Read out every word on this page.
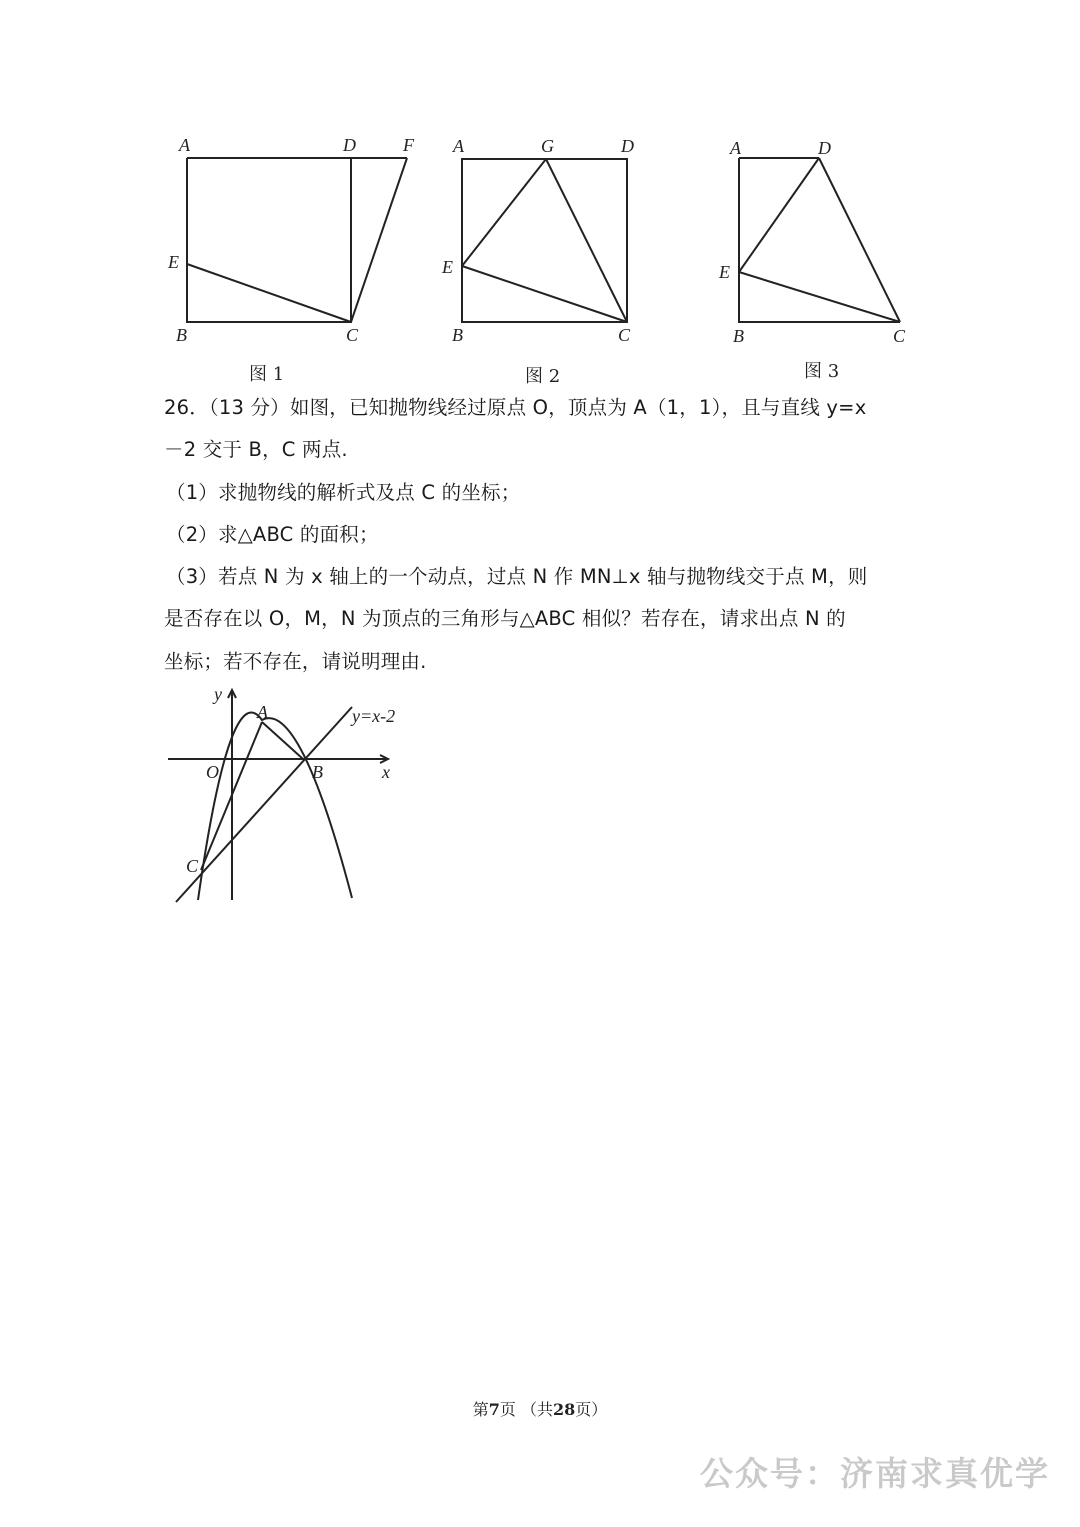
A	D	F
E
B	C
图 1
A	G	D
E
B	C
图 2
A	D
E
B	C
图 3
26．（13 分）如图，已知抛物线经过原点 O，顶点为 A（1，1），且与直线 y=x
－2 交于 B，C 两点.
（1）求抛物线的解析式及点 C 的坐标；
（2）求△ABC 的面积；
（3）若点 N 为 x 轴上的一个动点，过点 N 作 MN⊥x 轴与抛物线交于点 M，则
是否存在以 O，M，N 为顶点的三角形与△ABC 相似？若存在，请求出点 N 的
坐标；若不存在，请说明理由.
y
A	y=x-2
O	B	x
C
第7页 （共28页）
公众号：济南求真优学
